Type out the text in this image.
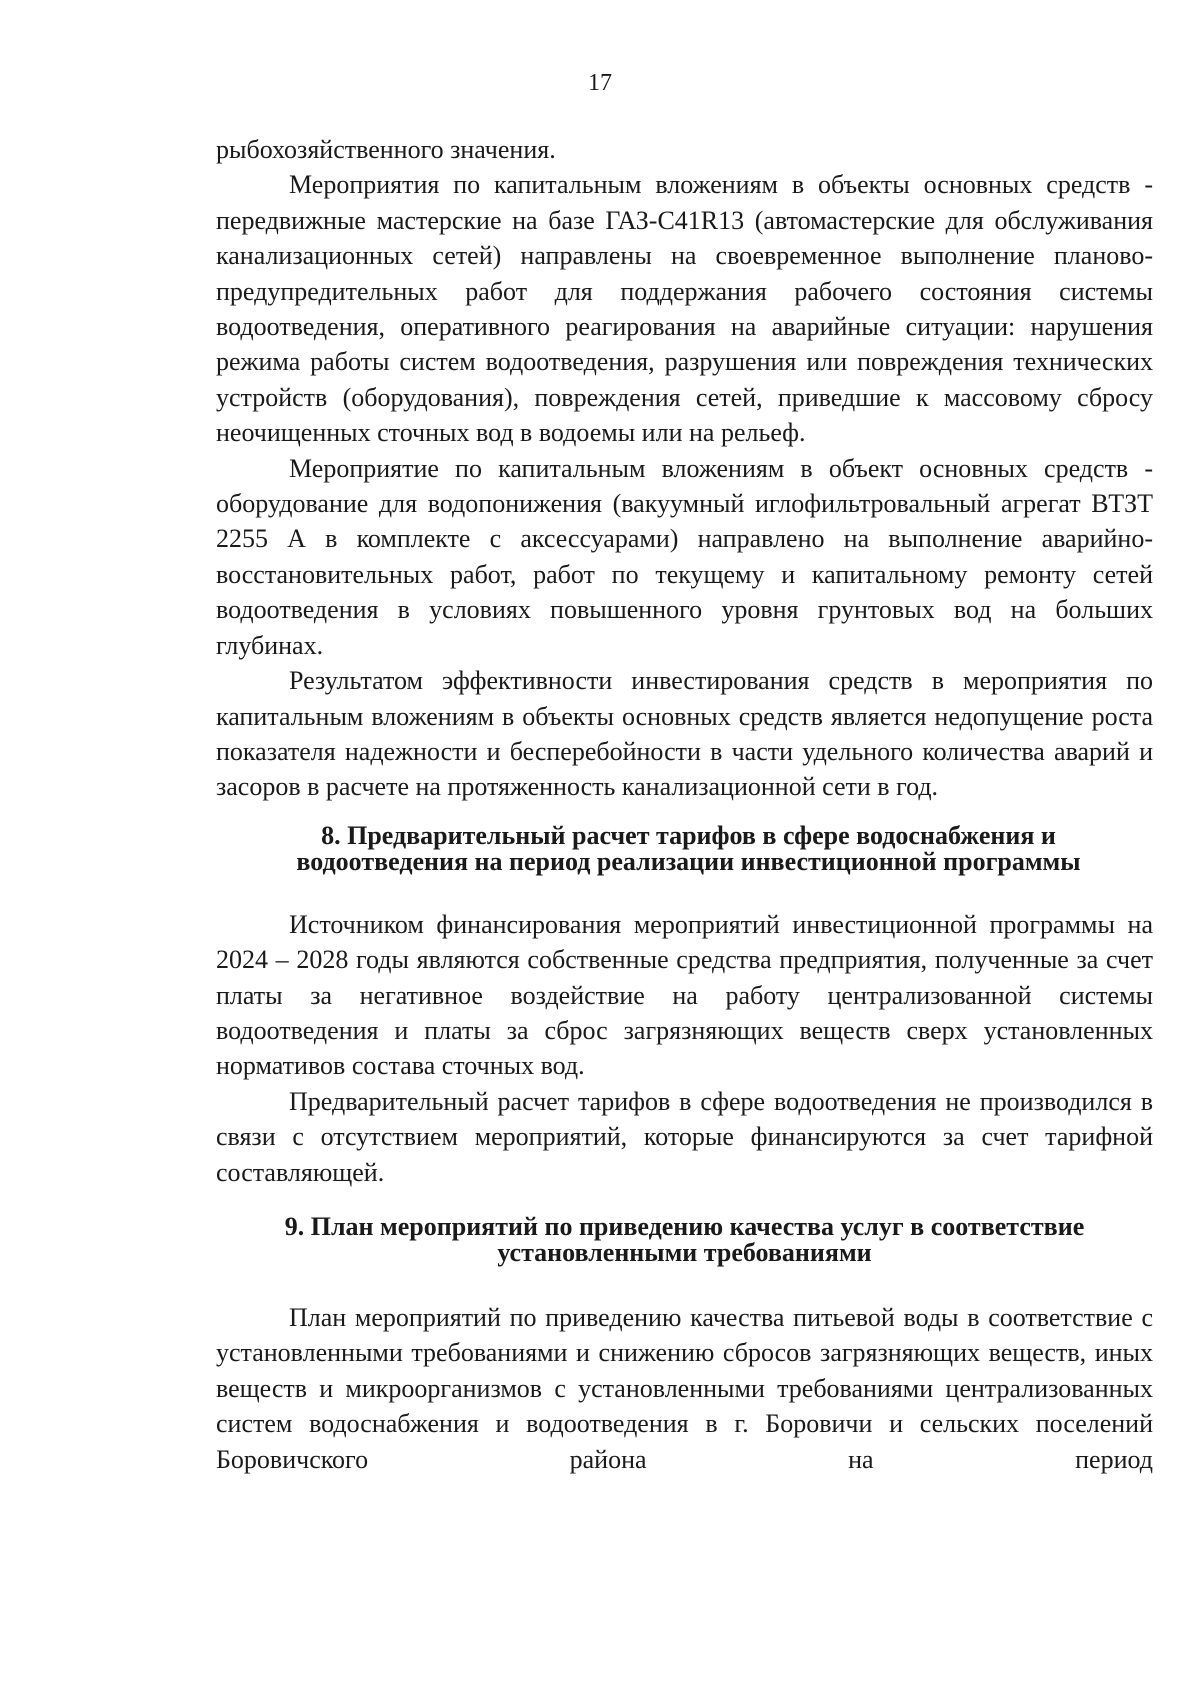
17

рыбохозяйственного значения.

Мероприятия по капитальным вложениям в объекты основных средств - передвижные мастерские на базе ГАЗ-С41R13 (автомастерские для обслуживания канализационных сетей) направлены на своевременное выполнение планово-предупредительных работ для поддержания рабочего состояния системы водоотведения, оперативного реагирования на аварийные ситуации: нарушения режима работы систем водоотведения, разрушения или повреждения технических устройств (оборудования), повреждения сетей, приведшие к массовому сбросу неочищенных сточных вод в водоемы или на рельеф.

Мероприятие по капитальным вложениям в объект основных средств - оборудование для водопонижения (вакуумный иглофильтровальный агрегат ВТЗТ 2255 А в комплекте с аксессуарами) направлено на выполнение аварийно-восстановительных работ, работ по текущему и капитальному ремонту сетей водоотведения в условиях повышенного уровня грунтовых вод на больших глубинах.

Результатом эффективности инвестирования средств в мероприятия по капитальным вложениям в объекты основных средств является недопущение роста показателя надежности и бесперебойности в части удельного количества аварий и засоров в расчете на протяженность канализационной сети в год.

8. Предварительный расчет тарифов в сфере водоснабжения и
водоотведения на период реализации инвестиционной программы

Источником финансирования мероприятий инвестиционной программы на 2024 – 2028 годы являются собственные средства предприятия, полученные за счет платы за негативное воздействие на работу централизованной системы водоотведения и платы за сброс загрязняющих веществ сверх установленных нормативов состава сточных вод.

Предварительный расчет тарифов в сфере водоотведения не производился в связи с отсутствием мероприятий, которые финансируются за счет тарифной составляющей.

9. План мероприятий по приведению качества услуг в соответствие
установленными требованиями

План мероприятий по приведению качества питьевой воды в соответствие с установленными требованиями и снижению сбросов загрязняющих веществ, иных веществ и микроорганизмов с установленными требованиями централизованных систем водоснабжения и водоотведения в г. Боровичи и сельских поселений Боровичского района на период
